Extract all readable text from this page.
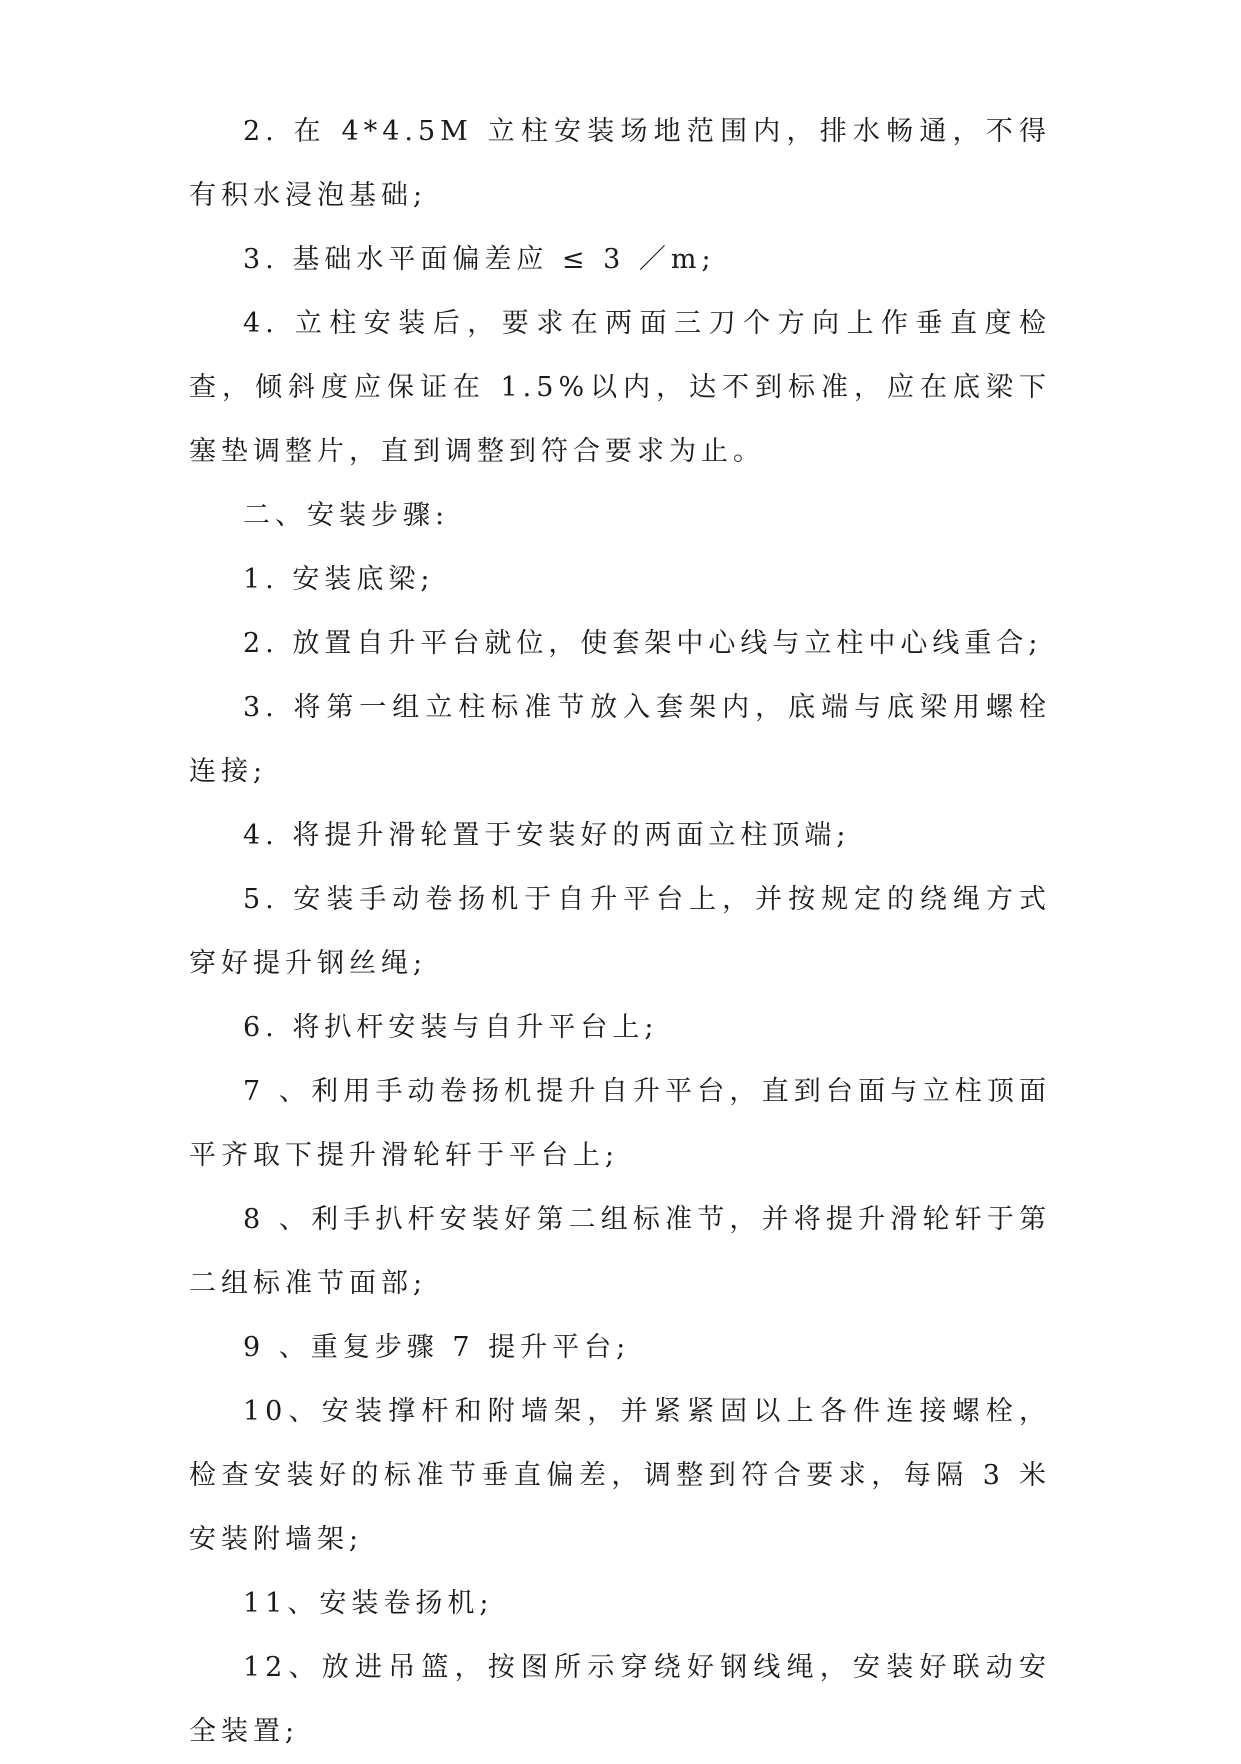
2. 在 4*4.5M 立柱安装场地范围内，排水畅通，不得有积水浸泡基础;

3. 基础水平面偏差应 ≤ 3 ／m;

4. 立柱安装后，要求在两面三刀个方向上作垂直度检查，倾斜度应保证在 1.5%以内，达不到标准，应在底梁下塞垫调整片，直到调整到符合要求为止。

二、安装步骤:

1. 安装底梁;

2. 放置自升平台就位，使套架中心线与立柱中心线重合;

3. 将第一组立柱标准节放入套架内，底端与底梁用螺栓连接;

4. 将提升滑轮置于安装好的两面立柱顶端;

5. 安装手动卷扬机于自升平台上，并按规定的绕绳方式穿好提升钢丝绳;

6. 将扒杆安装与自升平台上;

7 、利用手动卷扬机提升自升平台，直到台面与立柱顶面平齐取下提升滑轮轩于平台上;

8 、利手扒杆安装好第二组标准节，并将提升滑轮轩于第二组标准节面部;

9 、重复步骤 7 提升平台;

10、安装撑杆和附墙架，并紧紧固以上各件连接螺栓，检查安装好的标准节垂直偏差，调整到符合要求，每隔 3 米安装附墙架;

11、安装卷扬机;

12、放进吊篮，按图所示穿绕好钢线绳，安装好联动安全装置;
